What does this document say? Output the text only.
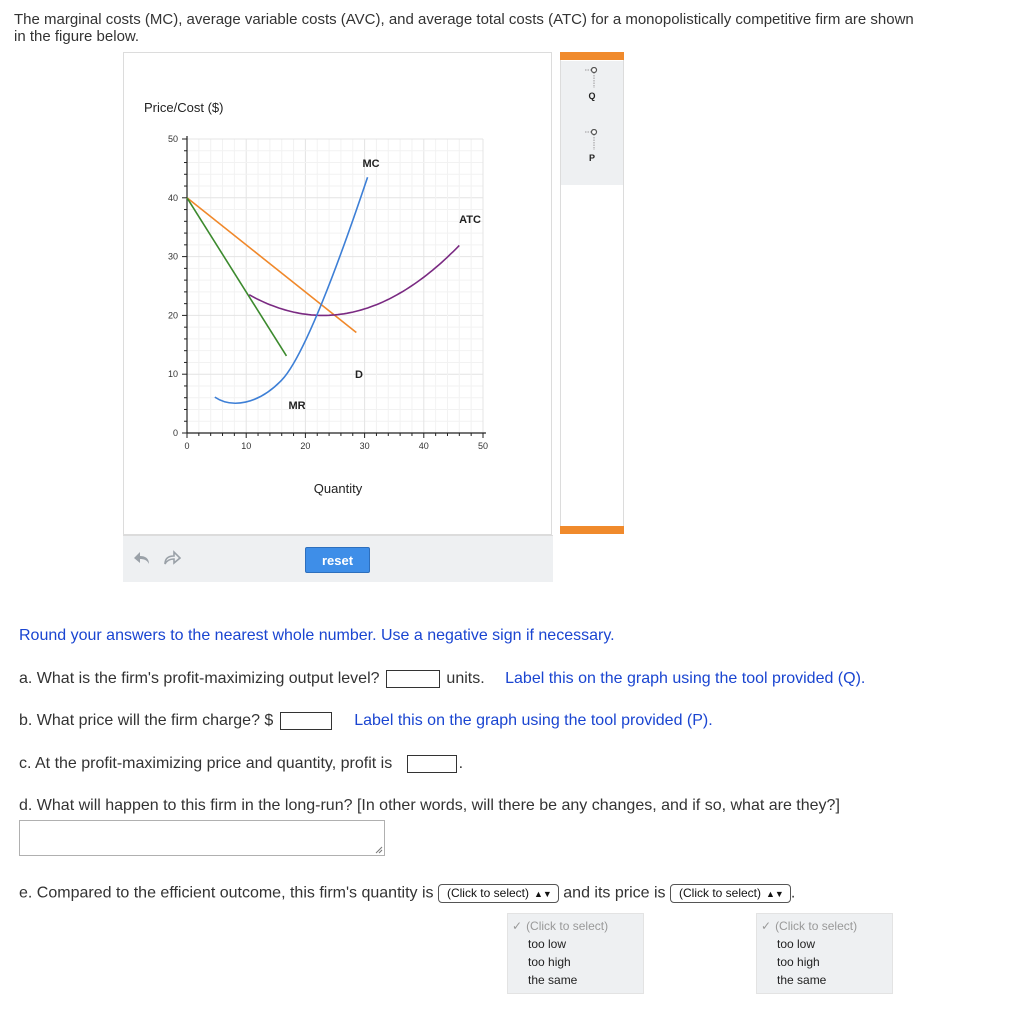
The marginal costs (MC), average variable costs (AVC), and average total costs (ATC) for a monopolistically competitive firm are shown
in the figure below.
0	10	20	30	40	50
0
10
20
30
40
50
Price/Cost ($)
Quantity
MC
ATC
D
MR
reset
Q
P
Round your answers to the nearest whole number. Use a negative sign if necessary.
a. What is the firm's profit-maximizing output level?	units. Label this on the graph using the tool provided (Q).
b. What price will the firm charge? $	Label this on the graph using the tool provided (P).
c. At the profit-maximizing price and quantity, profit is	.
d. What will happen to this firm in the long-run? [In other words, will there be any changes, and if so, what are they?]
e. Compared to the efficient outcome, this firm's quantity is (Click to select) ▲▼ and its price is (Click to select) ▲▼ .
✓ (Click to select)
too low
too high
the same
✓ (Click to select)
too low
too high
the same
